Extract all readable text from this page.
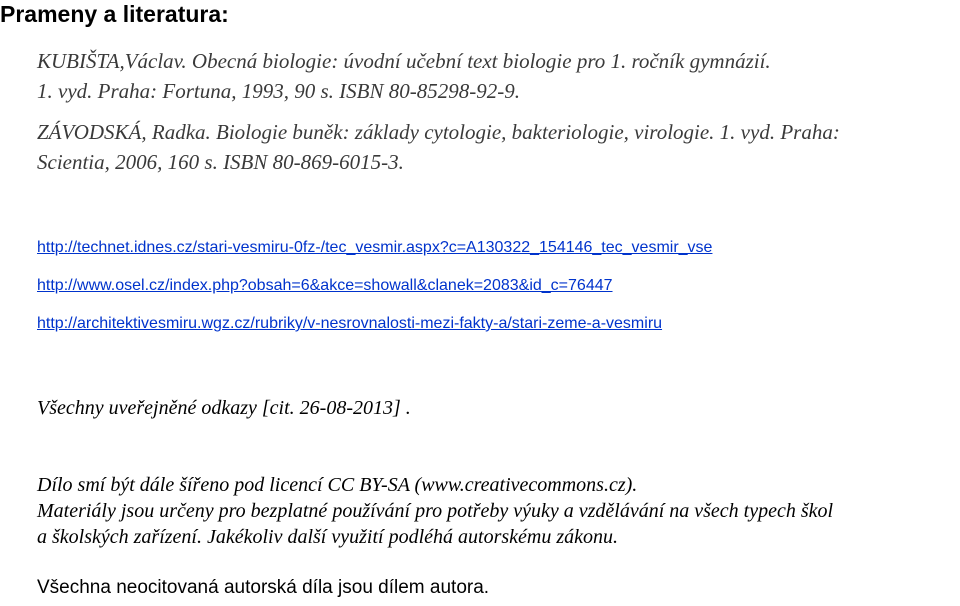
Prameny a literatura:

KUBIŠTA,Václav. Obecná biologie: úvodní učební text biologie pro 1. ročník gymnázií.
1. vyd. Praha: Fortuna, 1993, 90 s. ISBN 80-85298-92-9.

ZÁVODSKÁ, Radka. Biologie buněk: základy cytologie, bakteriologie, virologie. 1. vyd. Praha:
Scientia, 2006, 160 s. ISBN 80-869-6015-3.

http://technet.idnes.cz/stari-vesmiru-0fz-/tec_vesmir.aspx?c=A130322_154146_tec_vesmir_vse
http://www.osel.cz/index.php?obsah=6&akce=showall&clanek=2083&id_c=76447
http://architektivesmiru.wgz.cz/rubriky/v-nesrovnalosti-mezi-fakty-a/stari-zeme-a-vesmiru

Všechny uveřejněné odkazy [cit. 26-08-2013] .

Dílo smí být dále šířeno pod licencí CC BY-SA (www.creativecommons.cz).
Materiály jsou určeny pro bezplatné používání pro potřeby výuky a vzdělávání na všech typech škol
a školských zařízení. Jakékoliv další využití podléhá autorskému zákonu.

Všechna neocitovaná autorská díla jsou dílem autora.
